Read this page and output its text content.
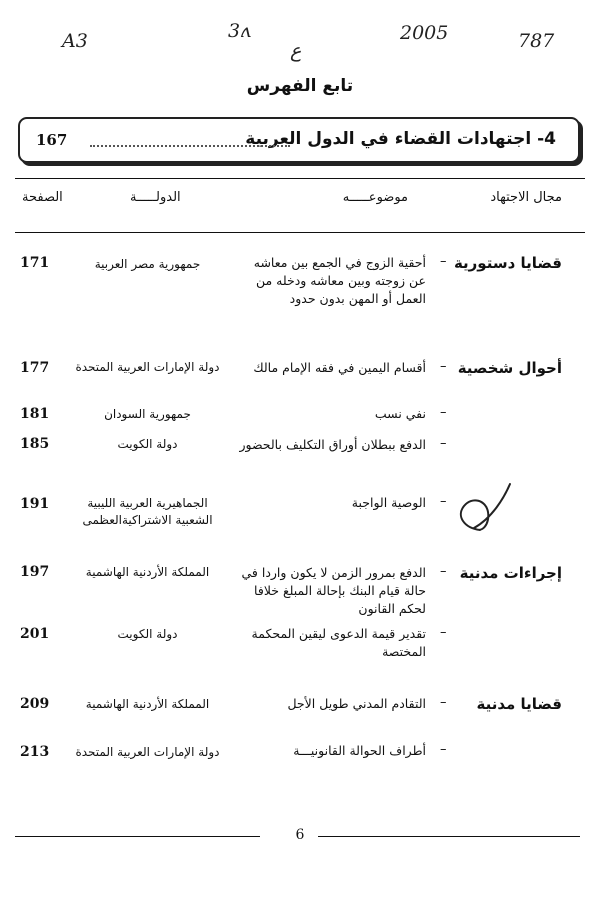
A3	3ʌ
ع
2005	787
تابع الفهرس
4- اجتهادات القضاء في الدول العربية
167
مجال الاجتهاد
موضوعـــــه
الدولـــــة
الصفحة
قضايا دستورية
أحوال شخصية
إجراءات مدنية
قضايا مدنية
–
أحقية الزوج في الجمع بين معاشه عن زوجته وبين معاشه ودخله من العمل أو المهن بدون حدود
جمهورية مصر العربية
171
–
أقسام اليمين في فقه الإمام مالك
دولة الإمارات العربية المتحدة
177
–
نفي نسب
جمهورية السودان
181
–
الدفع ببطلان أوراق التكليف بالحضور
دولة الكويت
185
–
الوصية الواجبة
الجماهيرية العربية الليبية الشعبية الاشتراكيةالعظمى
191
–
الدفع بمرور الزمن لا يكون واردا في حالة قيام البنك بإحالة المبلغ خلافا لحكم القانون
المملكة الأردنية الهاشمية
197
–
تقدير قيمة الدعوى ليقين المحكمة المختصة
دولة الكويت
201
–
التقادم المدني طويل الأجل
المملكة الأردنية الهاشمية
209
–
أطراف الحوالة القانونيـــة
دولة الإمارات العربية المتحدة
213
6
